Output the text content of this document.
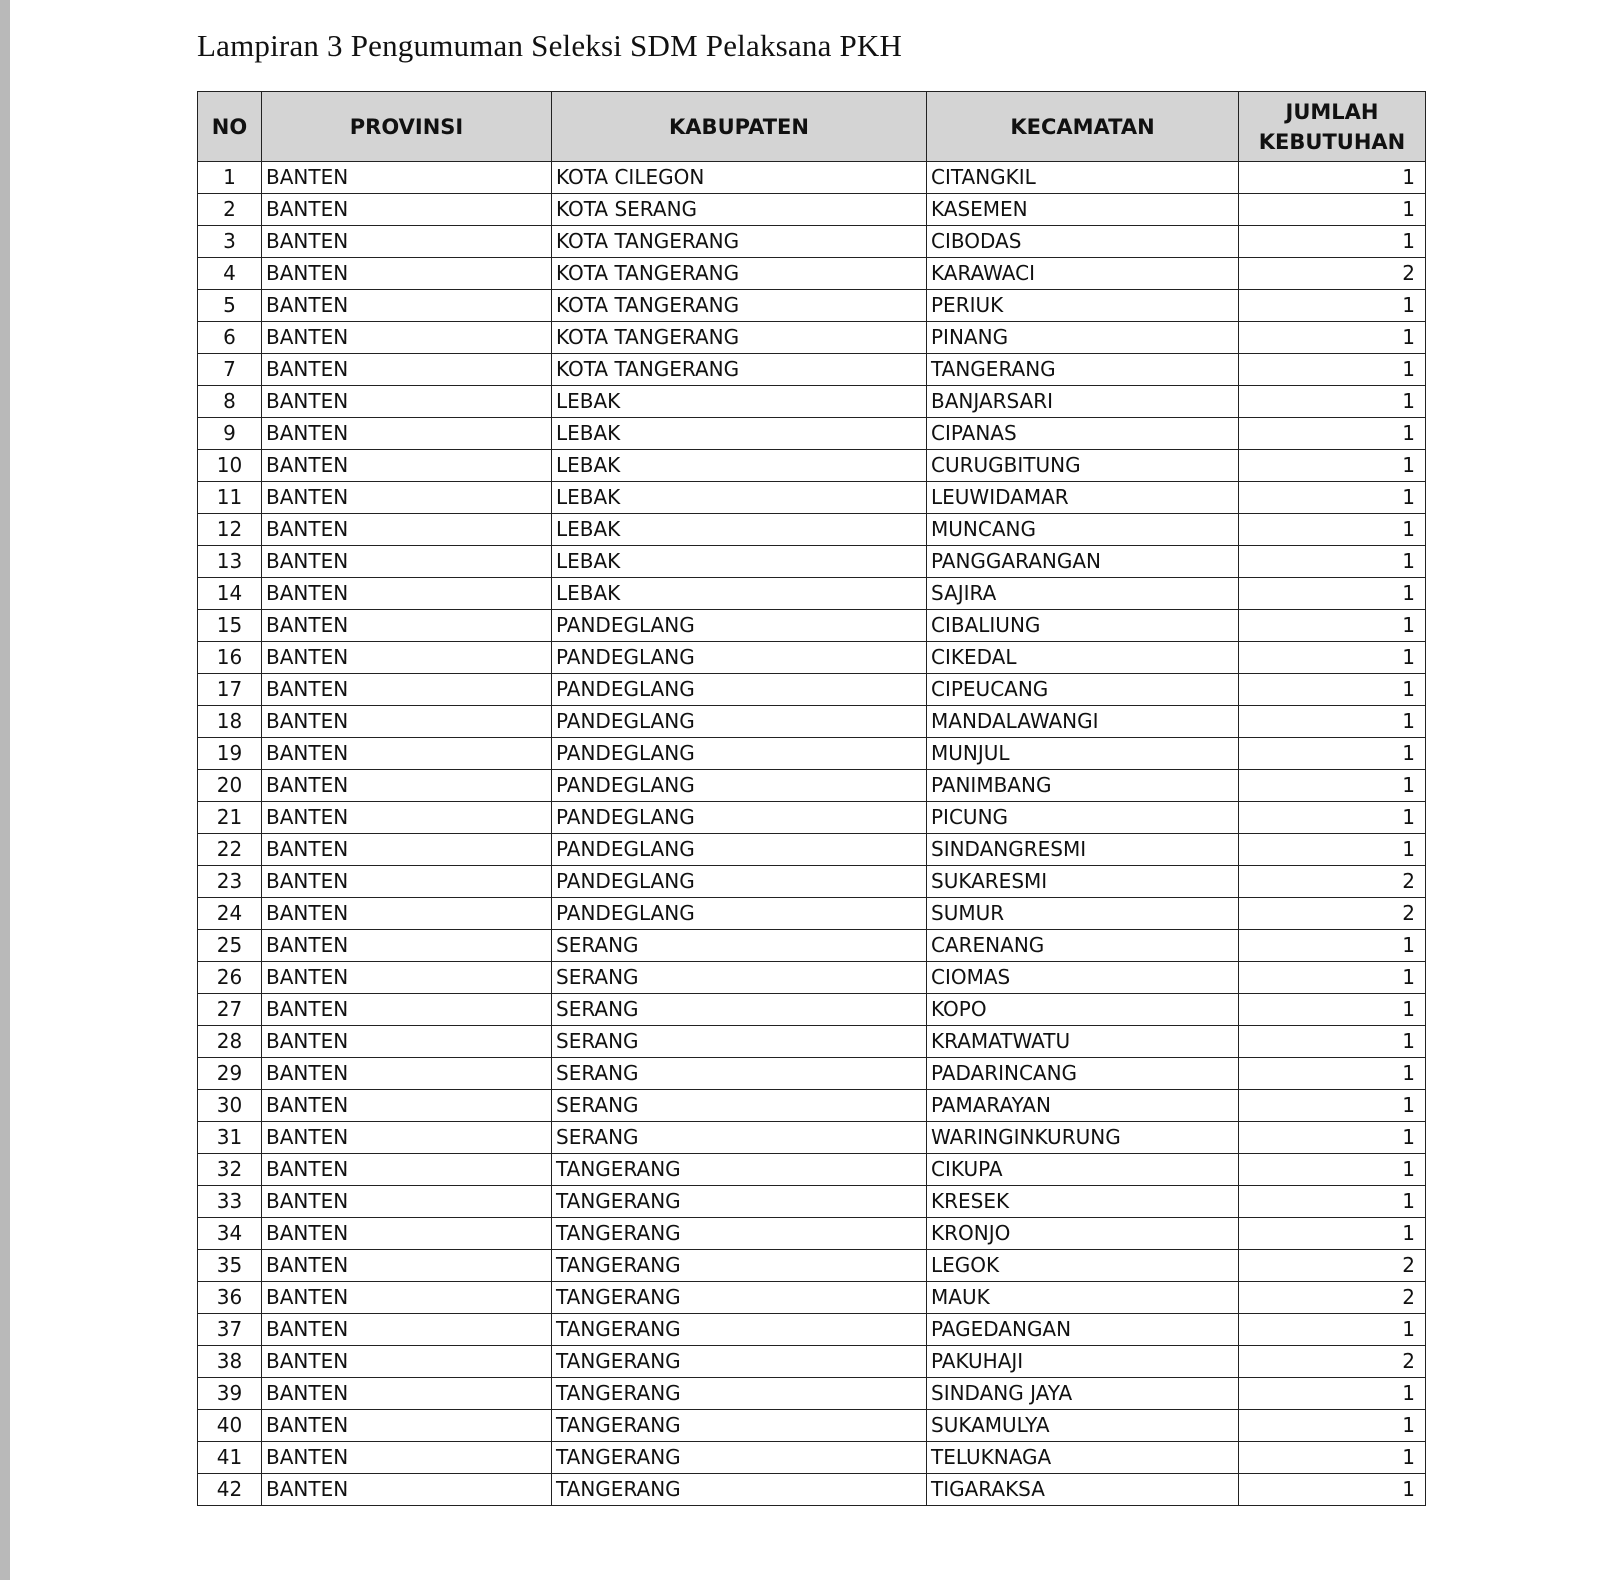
Lampiran 3 Pengumuman Seleksi SDM Pelaksana PKH
NO	PROVINSI	KABUPATEN	KECAMATAN	JUMLAH
KEBUTUHAN
1	BANTEN	KOTA CILEGON	CITANGKIL	1
2	BANTEN	KOTA SERANG	KASEMEN	1
3	BANTEN	KOTA TANGERANG	CIBODAS	1
4	BANTEN	KOTA TANGERANG	KARAWACI	2
5	BANTEN	KOTA TANGERANG	PERIUK	1
6	BANTEN	KOTA TANGERANG	PINANG	1
7	BANTEN	KOTA TANGERANG	TANGERANG	1
8	BANTEN	LEBAK	BANJARSARI	1
9	BANTEN	LEBAK	CIPANAS	1
10	BANTEN	LEBAK	CURUGBITUNG	1
11	BANTEN	LEBAK	LEUWIDAMAR	1
12	BANTEN	LEBAK	MUNCANG	1
13	BANTEN	LEBAK	PANGGARANGAN	1
14	BANTEN	LEBAK	SAJIRA	1
15	BANTEN	PANDEGLANG	CIBALIUNG	1
16	BANTEN	PANDEGLANG	CIKEDAL	1
17	BANTEN	PANDEGLANG	CIPEUCANG	1
18	BANTEN	PANDEGLANG	MANDALAWANGI	1
19	BANTEN	PANDEGLANG	MUNJUL	1
20	BANTEN	PANDEGLANG	PANIMBANG	1
21	BANTEN	PANDEGLANG	PICUNG	1
22	BANTEN	PANDEGLANG	SINDANGRESMI	1
23	BANTEN	PANDEGLANG	SUKARESMI	2
24	BANTEN	PANDEGLANG	SUMUR	2
25	BANTEN	SERANG	CARENANG	1
26	BANTEN	SERANG	CIOMAS	1
27	BANTEN	SERANG	KOPO	1
28	BANTEN	SERANG	KRAMATWATU	1
29	BANTEN	SERANG	PADARINCANG	1
30	BANTEN	SERANG	PAMARAYAN	1
31	BANTEN	SERANG	WARINGINKURUNG	1
32	BANTEN	TANGERANG	CIKUPA	1
33	BANTEN	TANGERANG	KRESEK	1
34	BANTEN	TANGERANG	KRONJO	1
35	BANTEN	TANGERANG	LEGOK	2
36	BANTEN	TANGERANG	MAUK	2
37	BANTEN	TANGERANG	PAGEDANGAN	1
38	BANTEN	TANGERANG	PAKUHAJI	2
39	BANTEN	TANGERANG	SINDANG JAYA	1
40	BANTEN	TANGERANG	SUKAMULYA	1
41	BANTEN	TANGERANG	TELUKNAGA	1
42	BANTEN	TANGERANG	TIGARAKSA	1
